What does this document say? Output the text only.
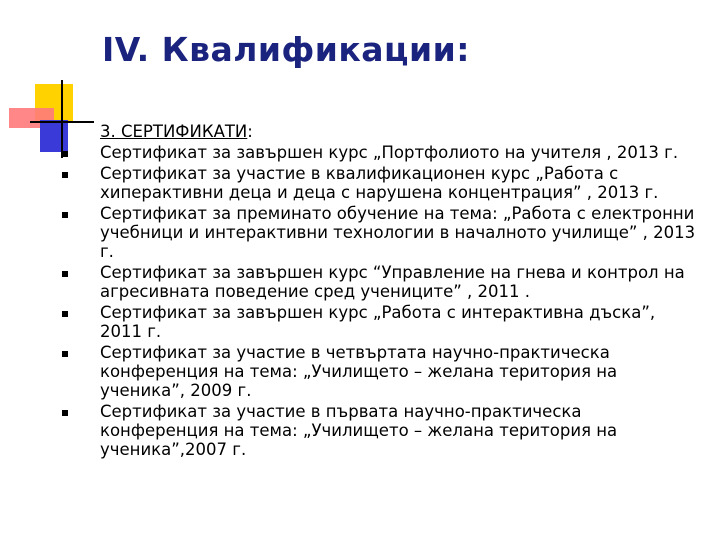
IV. Квалификации:
3. СЕРТИФИКАТИ:
Сертификат за завършен курс „Портфолиото на учителя , 2013 г.
Сертификат за участие в квалификационен курс „Работа с хиперактивни деца и деца с нарушена концентрация” , 2013 г.
Сертификат за преминато обучение на тема: „Работа с електронни учебници и интерактивни технологии в началното училище” , 2013 г.
Сертификат за завършен курс “Управление на гнева и контрол на агресивната поведение сред учениците” , 2011 .
Сертификат за завършен курс „Работа с интерактивна дъска”, 2011 г.
Сертификат за участие в четвъртата научно-практическа конференция на тема: „Училището – желана територия на ученика”, 2009 г.
Сертификат за участие в първата научно-практическа конференция на тема: „Училището – желана територия на ученика”,2007 г.
